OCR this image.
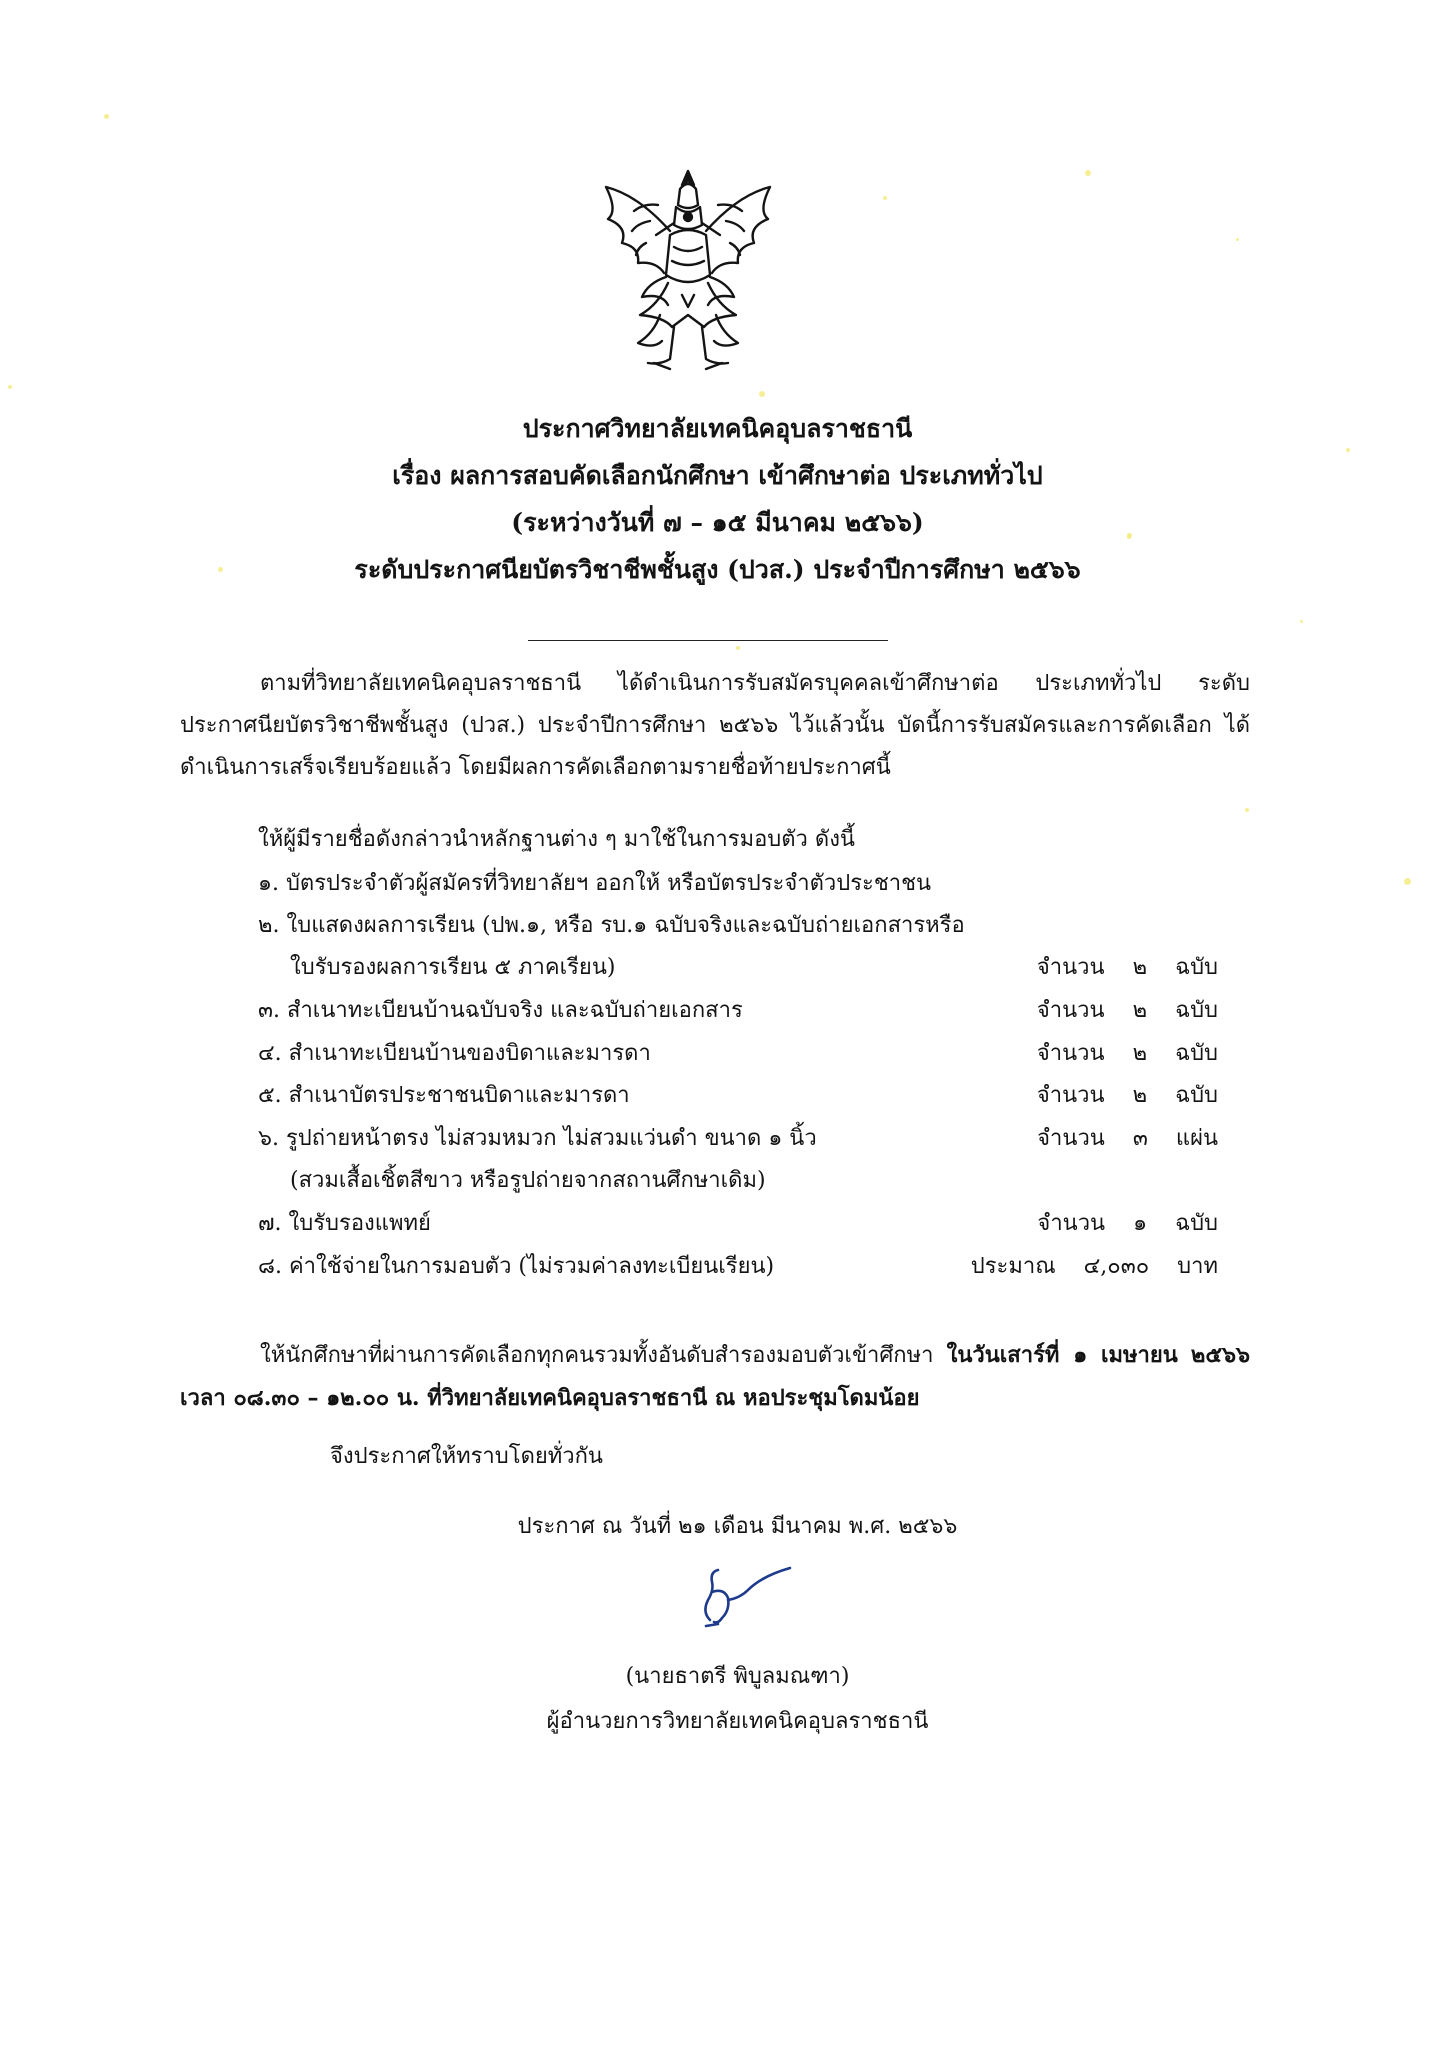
ประกาศวิทยาลัยเทคนิคอุบลราชธานี
เรื่อง ผลการสอบคัดเลือกนักศึกษา เข้าศึกษาต่อ ประเภททั่วไป
(ระหว่างวันที่ ๗ – ๑๕ มีนาคม ๒๕๖๖)
ระดับประกาศนียบัตรวิชาชีพชั้นสูง (ปวส.) ประจำปีการศึกษา ๒๕๖๖
ตามที่วิทยาลัยเทคนิคอุบลราชธานี ได้ดำเนินการรับสมัครบุคคลเข้าศึกษาต่อ ประเภททั่วไป ระดับประกาศนียบัตรวิชาชีพชั้นสูง (ปวส.) ประจำปีการศึกษา ๒๕๖๖ ไว้แล้วนั้น บัดนี้การรับสมัครและการคัดเลือก ได้ดำเนินการเสร็จเรียบร้อยแล้ว โดยมีผลการคัดเลือกตามรายชื่อท้ายประกาศนี้
ให้ผู้มีรายชื่อดังกล่าวนำหลักฐานต่าง ๆ มาใช้ในการมอบตัว ดังนี้
๑. บัตรประจำตัวผู้สมัครที่วิทยาลัยฯ ออกให้ หรือบัตรประจำตัวประชาชน
๒. ใบแสดงผลการเรียน (ปพ.๑, หรือ รบ.๑ ฉบับจริงและฉบับถ่ายเอกสารหรือ
ใบรับรองผลการเรียน ๕ ภาคเรียน)	จำนวน ๒ ฉบับ
๓. สำเนาทะเบียนบ้านฉบับจริง และฉบับถ่ายเอกสาร	จำนวน ๒ ฉบับ
๔. สำเนาทะเบียนบ้านของบิดาและมารดา	จำนวน ๒ ฉบับ
๕. สำเนาบัตรประชาชนบิดาและมารดา	จำนวน ๒ ฉบับ
๖. รูปถ่ายหน้าตรง ไม่สวมหมวก ไม่สวมแว่นดำ ขนาด ๑ นิ้ว	จำนวน ๓ แผ่น
(สวมเสื้อเชิ้ตสีขาว หรือรูปถ่ายจากสถานศึกษาเดิม)
๗. ใบรับรองแพทย์	จำนวน ๑ ฉบับ
๘. ค่าใช้จ่ายในการมอบตัว (ไม่รวมค่าลงทะเบียนเรียน)	ประมาณ ๔,๐๓๐ บาท
ให้นักศึกษาที่ผ่านการคัดเลือกทุกคนรวมทั้งอันดับสำรองมอบตัวเข้าศึกษา ในวันเสาร์ที่ ๑ เมษายน ๒๕๖๖ เวลา ๐๘.๓๐ – ๑๒.๐๐ น. ที่วิทยาลัยเทคนิคอุบลราชธานี ณ หอประชุมโดมน้อย
จึงประกาศให้ทราบโดยทั่วกัน
ประกาศ ณ วันที่ ๒๑ เดือน มีนาคม พ.ศ. ๒๕๖๖
(นายธาตรี พิบูลมณฑา)
ผู้อำนวยการวิทยาลัยเทคนิคอุบลราชธานี
